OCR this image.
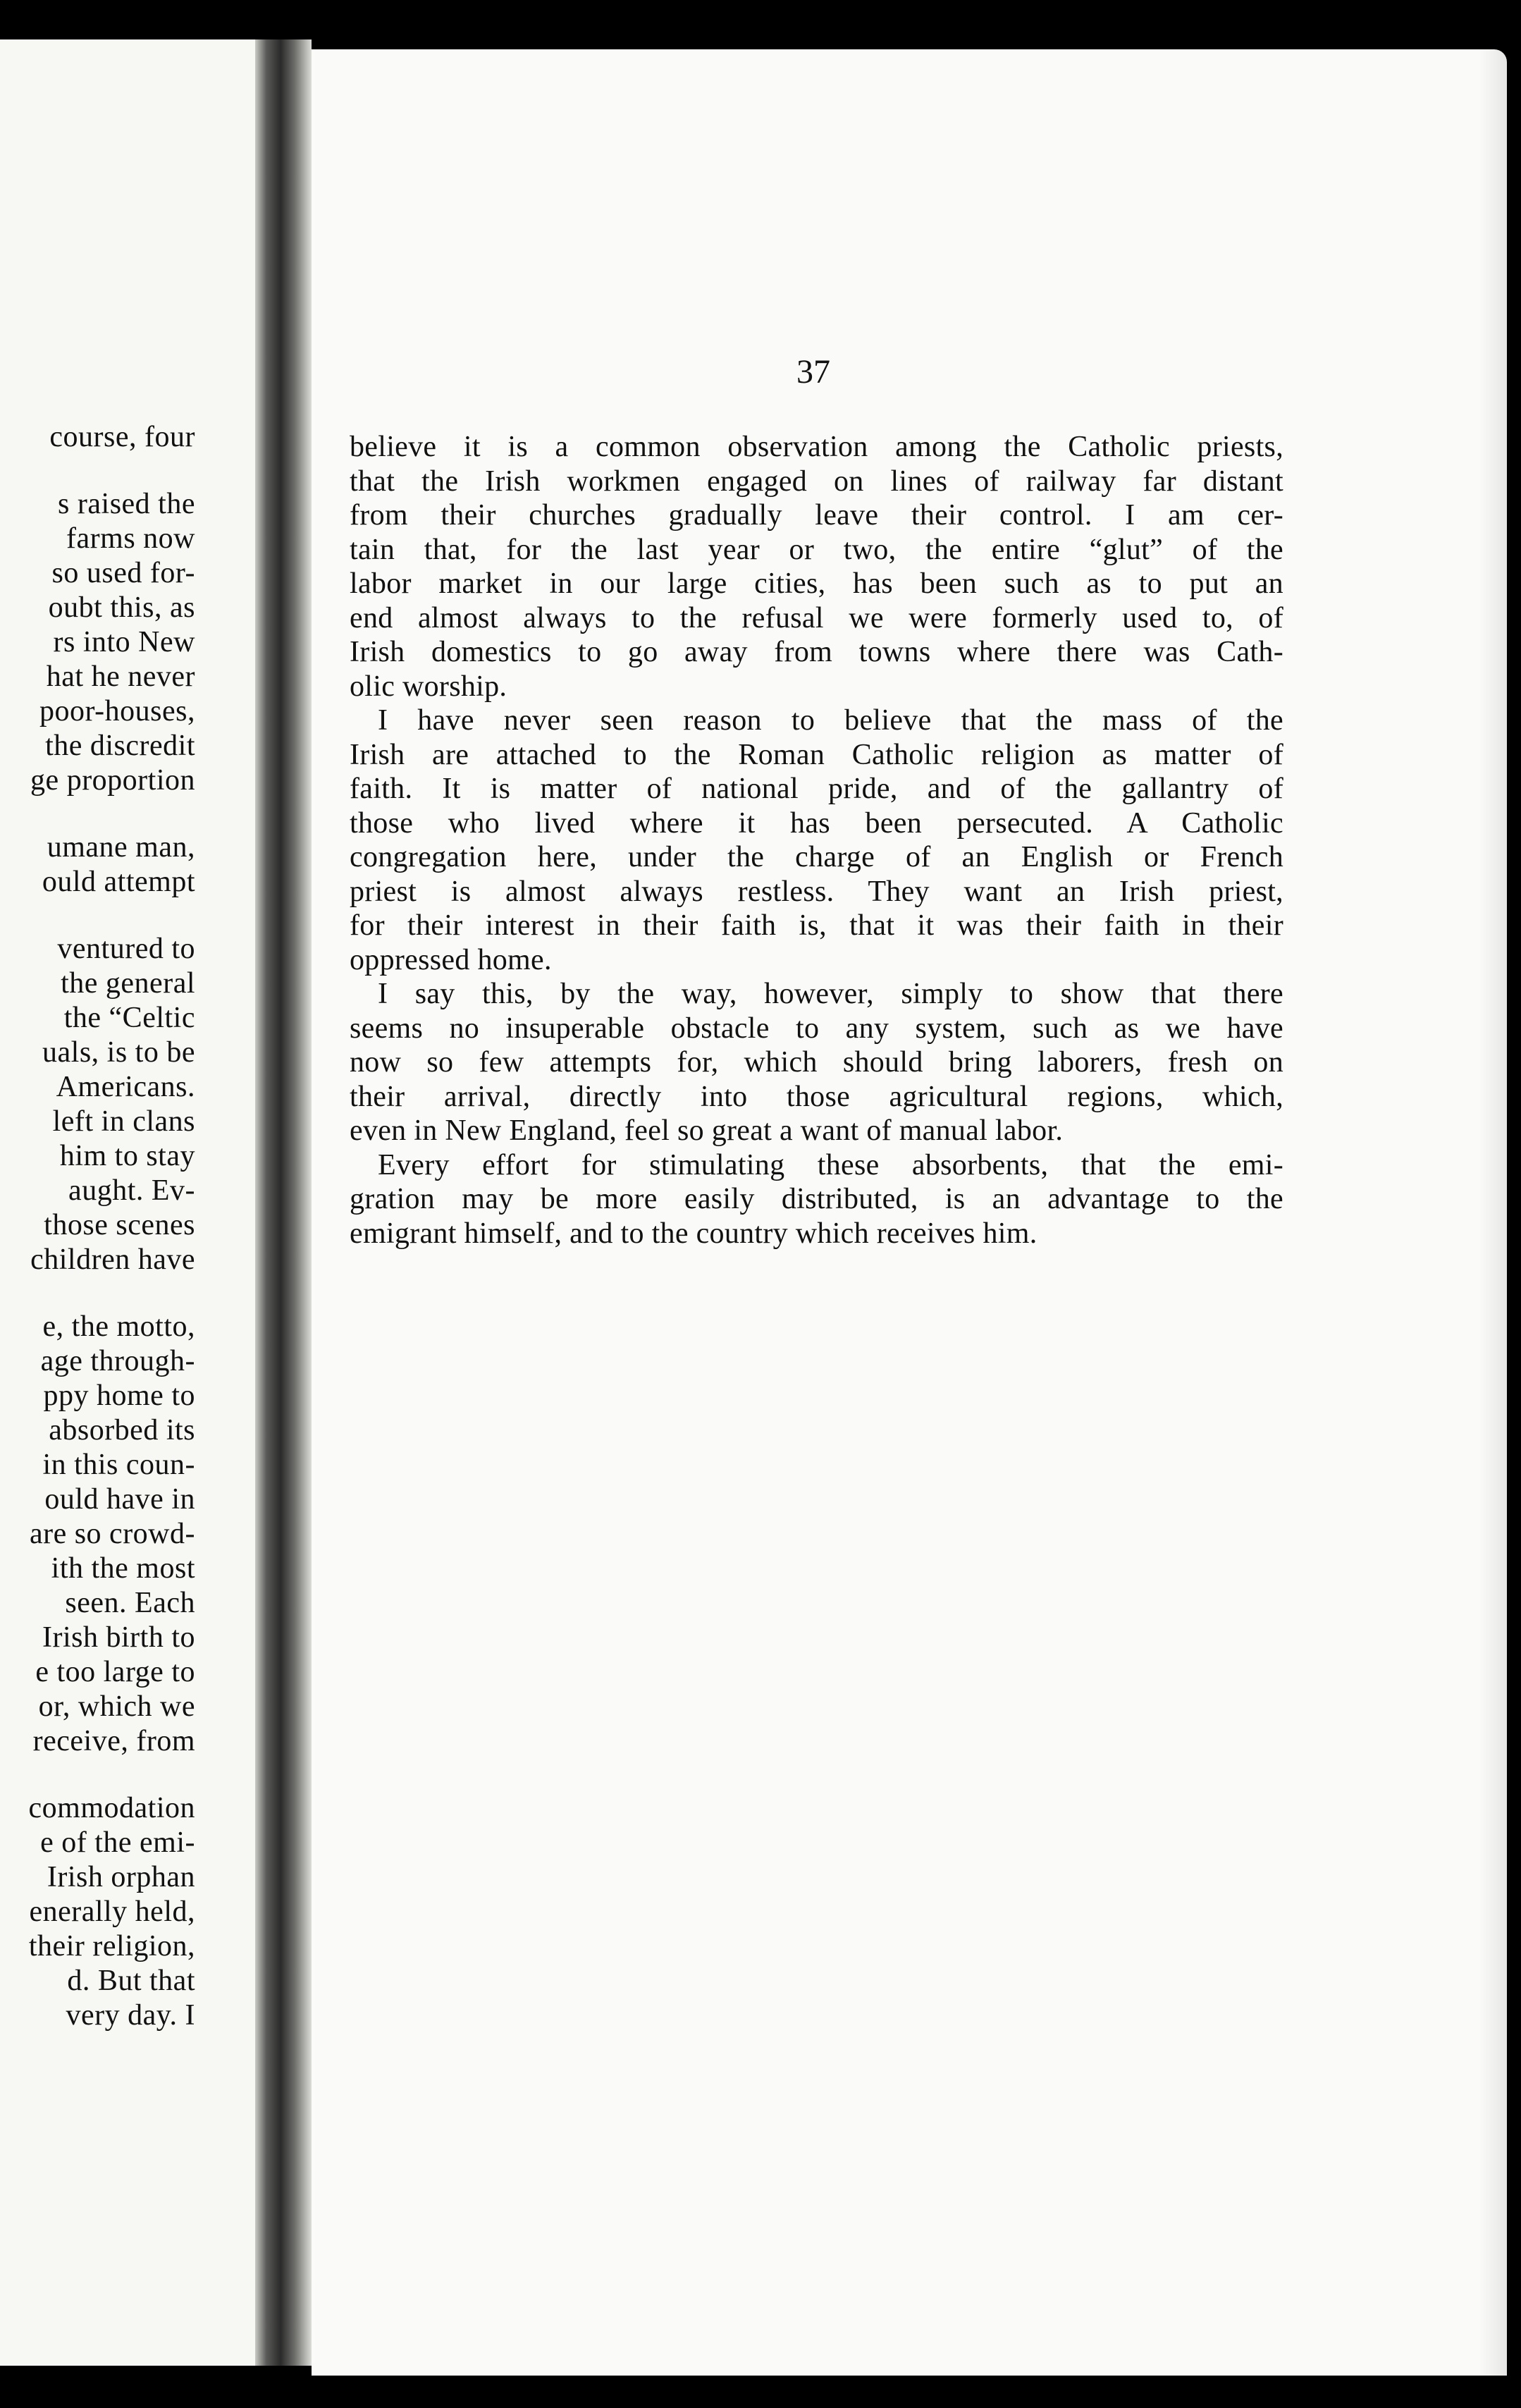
course, four
s raised the
farms now
so used for-
oubt this, as
rs into New
hat he never
poor-houses,
the discredit
ge proportion
umane man,
ould attempt
ventured to
the general
the “Celtic
uals, is to be
Americans.
left in clans
him to stay
aught. Ev-
those scenes
children have
e, the motto,
age through-
ppy home to
absorbed its
in this coun-
ould have in
are so crowd-
ith the most
seen. Each
Irish birth to
e too large to
or, which we
receive, from
commodation
e of the emi-
Irish orphan
enerally held,
their religion,
d. But that
very day. I
37
believe it is a common observation among the Catholic priests,
that the Irish workmen engaged on lines of railway far distant
from their churches gradually leave their control. I am cer-
tain that, for the last year or two, the entire “glut” of the
labor market in our large cities, has been such as to put an
end almost always to the refusal we were formerly used to, of
Irish domestics to go away from towns where there was Cath-
olic worship.
I have never seen reason to believe that the mass of the
Irish are attached to the Roman Catholic religion as matter of
faith. It is matter of national pride, and of the gallantry of
those who lived where it has been persecuted. A Catholic
congregation here, under the charge of an English or French
priest is almost always restless. They want an Irish priest,
for their interest in their faith is, that it was their faith in their
oppressed home.
I say this, by the way, however, simply to show that there
seems no insuperable obstacle to any system, such as we have
now so few attempts for, which should bring laborers, fresh on
their arrival, directly into those agricultural regions, which,
even in New England, feel so great a want of manual labor.
Every effort for stimulating these absorbents, that the emi-
gration may be more easily distributed, is an advantage to the
emigrant himself, and to the country which receives him.
